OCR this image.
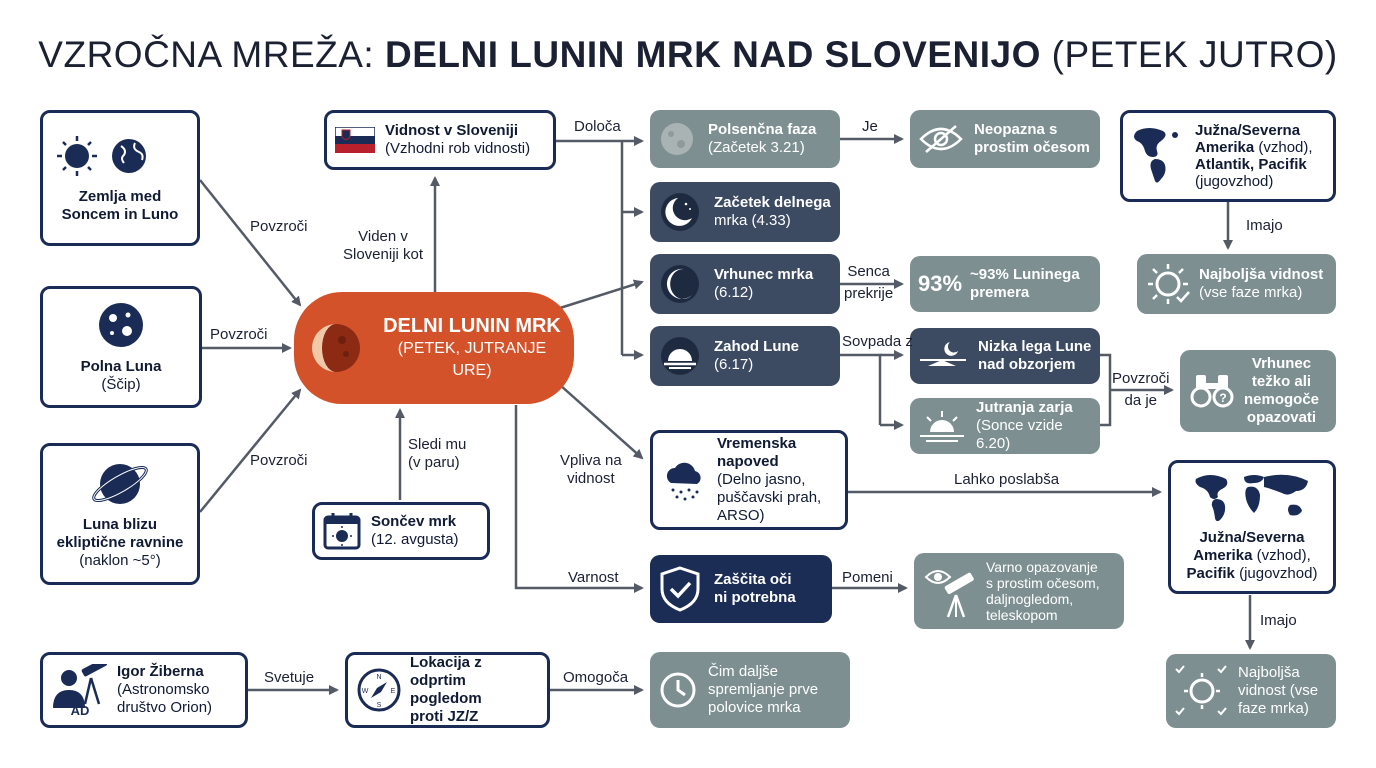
VZROČNA MREŽA: DELNI LUNIN MRK NAD SLOVENIJO (PETEK JUTRO)
Zemlja med
Soncem in Luno
Polna Luna
(Ščip)
Luna blizu
ekliptične ravnine
(naklon ~5°)
DELNI LUNIN MRK
(PETEK, JUTRANJE URE)
Vidnost v Sloveniji
(Vzhodni rob vidnosti)
Sončev mrk
(12. avgusta)
AD
Igor Žiberna
(Astronomsko
društvo Orion)
N
S
W	E
Lokacija z
odprtim pogledom
proti JZ/Z
Čim daljše
spremljanje prve
polovice mrka
Polsenčna faza
(Začetek 3.21)
Začetek delnega
mrka (4.33)
Vrhunec mrka
(6.12)
Zahod Lune
(6.17)
Neopazna s
prostim očesom
93% ~93% Luninega
premera
Nizka lega Lune
nad obzorjem
Jutranja zarja
(Sonce vzide 6.20)
?
Vrhunec
težko ali
nemogoče
opazovati
Vremenska
napoved
(Delno jasno,
puščavski prah,
ARSO)
Zaščita oči
ni potrebna
Varno opazovanje
s prostim očesom,
daljnogledom,
teleskopom
Južna/Severna
Amerika (vzhod),
Atlantik, Pacifik
(jugovzhod)
Najboljša vidnost
(vse faze mrka)
Južna/Severna
Amerika (vzhod),
Pacifik (jugovzhod)
Najboljša
vidnost (vse
faze mrka)
Povzroči
Povzroči
Povzroči
Viden v
Sloveniji kot
Sledi mu
(v paru)
Določa	Je
Senca
prekrije
Sovpada z
Povzroči
da je
Vpliva na
vidnost	Lahko poslabša
Varnost	Pomeni
Svetuje	Omogoča
Imajo
Imajo
